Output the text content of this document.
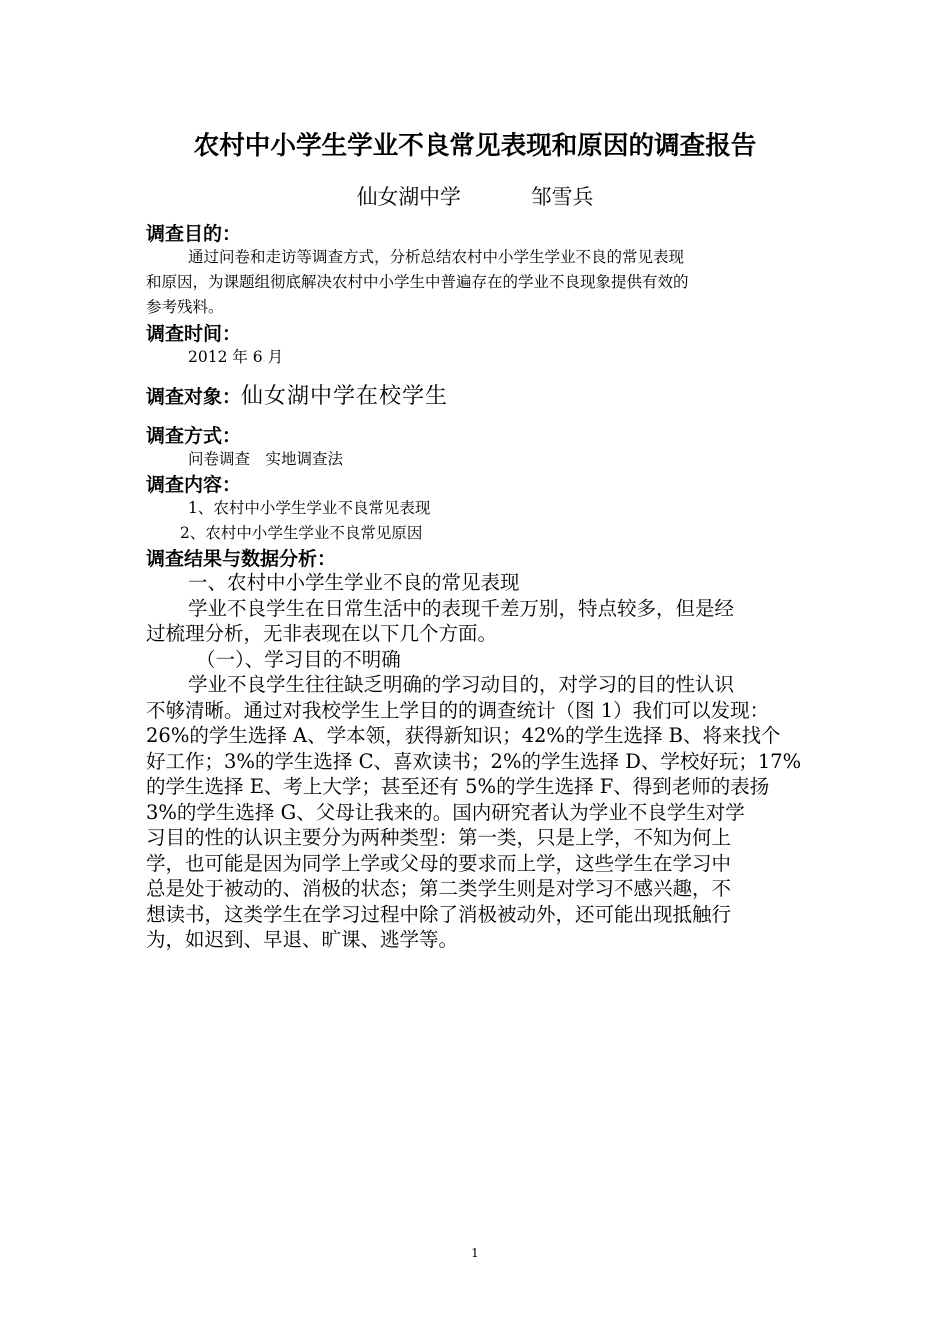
农村中小学生学业不良常见表现和原因的调查报告
仙女湖中学	邹雪兵
调查目的：
通过问卷和走访等调查方式，分析总结农村中小学生学业不良的常见表现
和原因，为课题组彻底解决农村中小学生中普遍存在的学业不良现象提供有效的
参考残料。
调查时间：
2012 年 6 月
调查对象：仙女湖中学在校学生
调查方式：
问卷调查　实地调查法
调查内容：
1、农村中小学生学业不良常见表现
2、农村中小学生学业不良常见原因
调查结果与数据分析：
一、农村中小学生学业不良的常见表现
学业不良学生在日常生活中的表现千差万别，特点较多，但是经
过梳理分析，无非表现在以下几个方面。
（一）、学习目的不明确
学业不良学生往往缺乏明确的学习动目的，对学习的目的性认识
不够清晰。通过对我校学生上学目的的调查统计（图 1）我们可以发现：
26%的学生选择 A、学本领，获得新知识；42%的学生选择 B、将来找个
好工作；3%的学生选择 C、喜欢读书；2%的学生选择 D、学校好玩；17%
的学生选择 E、考上大学；甚至还有 5%的学生选择 F、得到老师的表扬
3%的学生选择 G、父母让我来的。国内研究者认为学业不良学生对学
习目的性的认识主要分为两种类型：第一类，只是上学，不知为何上
学，也可能是因为同学上学或父母的要求而上学，这些学生在学习中
总是处于被动的、消极的状态；第二类学生则是对学习不感兴趣，不
想读书，这类学生在学习过程中除了消极被动外，还可能出现抵触行
为，如迟到、早退、旷课、逃学等。
1
